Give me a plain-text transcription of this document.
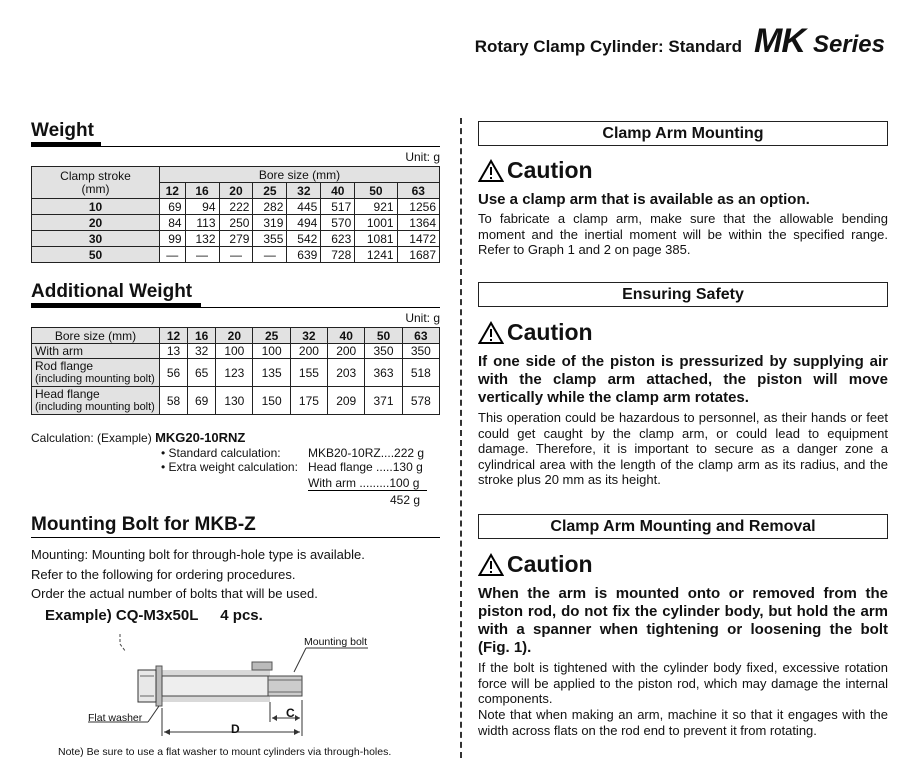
Rotary Clamp Cylinder: Standard MK Series
Weight
Unit: g
Clamp stroke
(mm)	Bore size (mm)							
	12	16	20	25	32	40	50	63
10	69	94	222	282	445	517	921	1256
20	84	113	250	319	494	570	1001	1364
30	99	132	279	355	542	623	1081	1472
50	—	—	—	—	639	728	1241	1687
Additional Weight
Unit: g
Bore size (mm)	12	16	20	25	32	40	50	63

With arm	13	32	100	100	200	200	350	350

Rod flange
(including mounting bolt)	56	65	123	135	155	203	363	518

Head flange
(including mounting bolt)	58	69	130	150	175	209	371	578
Calculation: (Example) MKG20-10RNZ
• Standard calculation: MKB20-10RZ....222 g
• Extra weight calculation: Head flange .....130 g
With arm .........100 g
452 g
Mounting Bolt for MKB-Z
Mounting: Mounting bolt for through-hole type is available.
Refer to the following for ordering procedures.
Order the actual number of bolts that will be used.
Example) CQ-M3x50L 4 pcs.
Mounting bolt
Flat washer
D
C
Note) Be sure to use a flat washer to mount cylinders via through-holes.
Clamp Arm Mounting
Caution
Use a clamp arm that is available as an option.
To fabricate a clamp arm, make sure that the allowable bending moment and the inertial moment will be within the specified range. Refer to Graph 1 and 2 on page 385.
Ensuring Safety
Caution
If one side of the piston is pressurized by supplying air with the clamp arm attached, the piston will move vertically while the clamp arm rotates.
This operation could be hazardous to personnel, as their hands or feet could get caught by the clamp arm, or could lead to equipment damage. Therefore, it is important to secure as a danger zone a cylindrical area with the length of the clamp arm as its radius, and the stroke plus 20 mm as its height.
Clamp Arm Mounting and Removal
Caution
When the arm is mounted onto or removed from the piston rod, do not fix the cylinder body, but hold the arm with a spanner when tightening or loosening the bolt (Fig. 1).
If the bolt is tightened with the cylinder body fixed, excessive rotation force will be applied to the piston rod, which may damage the internal components.
Note that when making an arm, machine it so that it engages with the width across flats on the rod end to prevent it from rotating.
